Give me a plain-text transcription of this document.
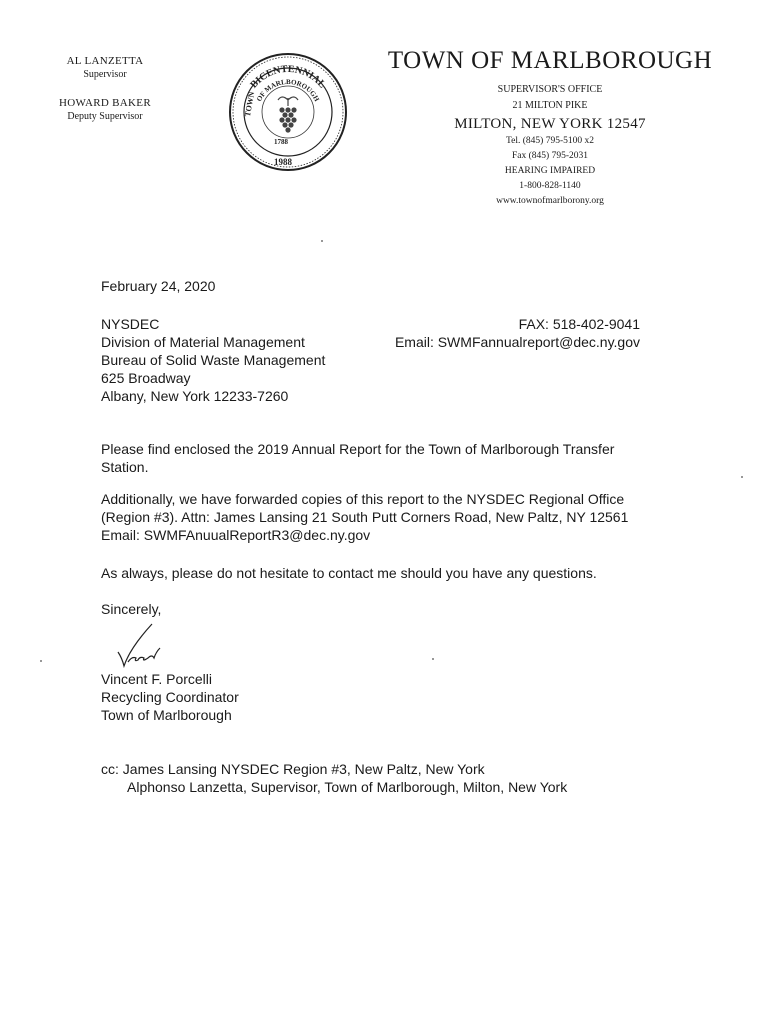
AL LANZETTA
Supervisor
HOWARD BAKER
Deputy Supervisor
BICENTENNIAL
OF MARLBOROUGH
TOWN
1788
1988
TOWN OF MARLBOROUGH
SUPERVISOR'S OFFICE
21 MILTON PIKE
MILTON, NEW YORK 12547
Tel. (845) 795-5100 x2
Fax (845) 795-2031
HEARING IMPAIRED
1-800-828-1140
www.townofmarlborony.org
February 24, 2020
NYSDEC
Division of Material Management
Bureau of Solid Waste Management
625 Broadway
Albany, New York 12233-7260
FAX: 518-402-9041
Email: SWMFannualreport@dec.ny.gov
Please find enclosed the 2019 Annual Report for the Town of Marlborough Transfer Station.
Additionally, we have forwarded copies of this report to the NYSDEC Regional Office (Region #3). Attn: James Lansing 21 South Putt Corners Road, New Paltz, NY 12561 Email: SWMFAnuualReportR3@dec.ny.gov
As always, please do not hesitate to contact me should you have any questions.
Sincerely,
Vincent F. Porcelli
Recycling Coordinator
Town of Marlborough
cc: James Lansing NYSDEC Region #3, New Paltz, New York
Alphonso Lanzetta, Supervisor, Town of Marlborough, Milton, New York
